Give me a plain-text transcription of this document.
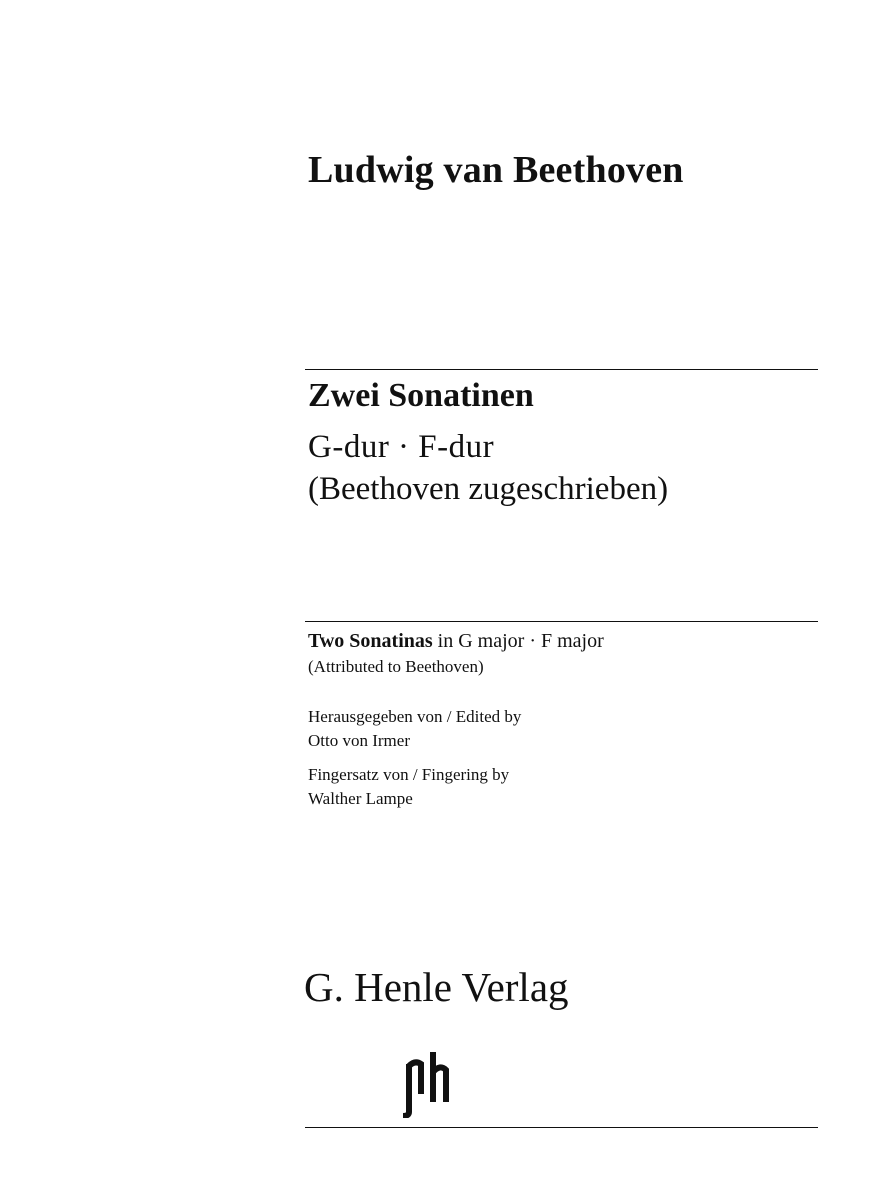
Ludwig van Beethoven
Zwei Sonatinen

G-dur · F-dur

(Beethoven zugeschrieben)

Two Sonatinas in G major · F major

(Attributed to Beethoven)

Herausgegeben von / Edited by

Otto von Irmer

Fingersatz von / Fingering by

Walther Lampe

G. Henle Verlag
